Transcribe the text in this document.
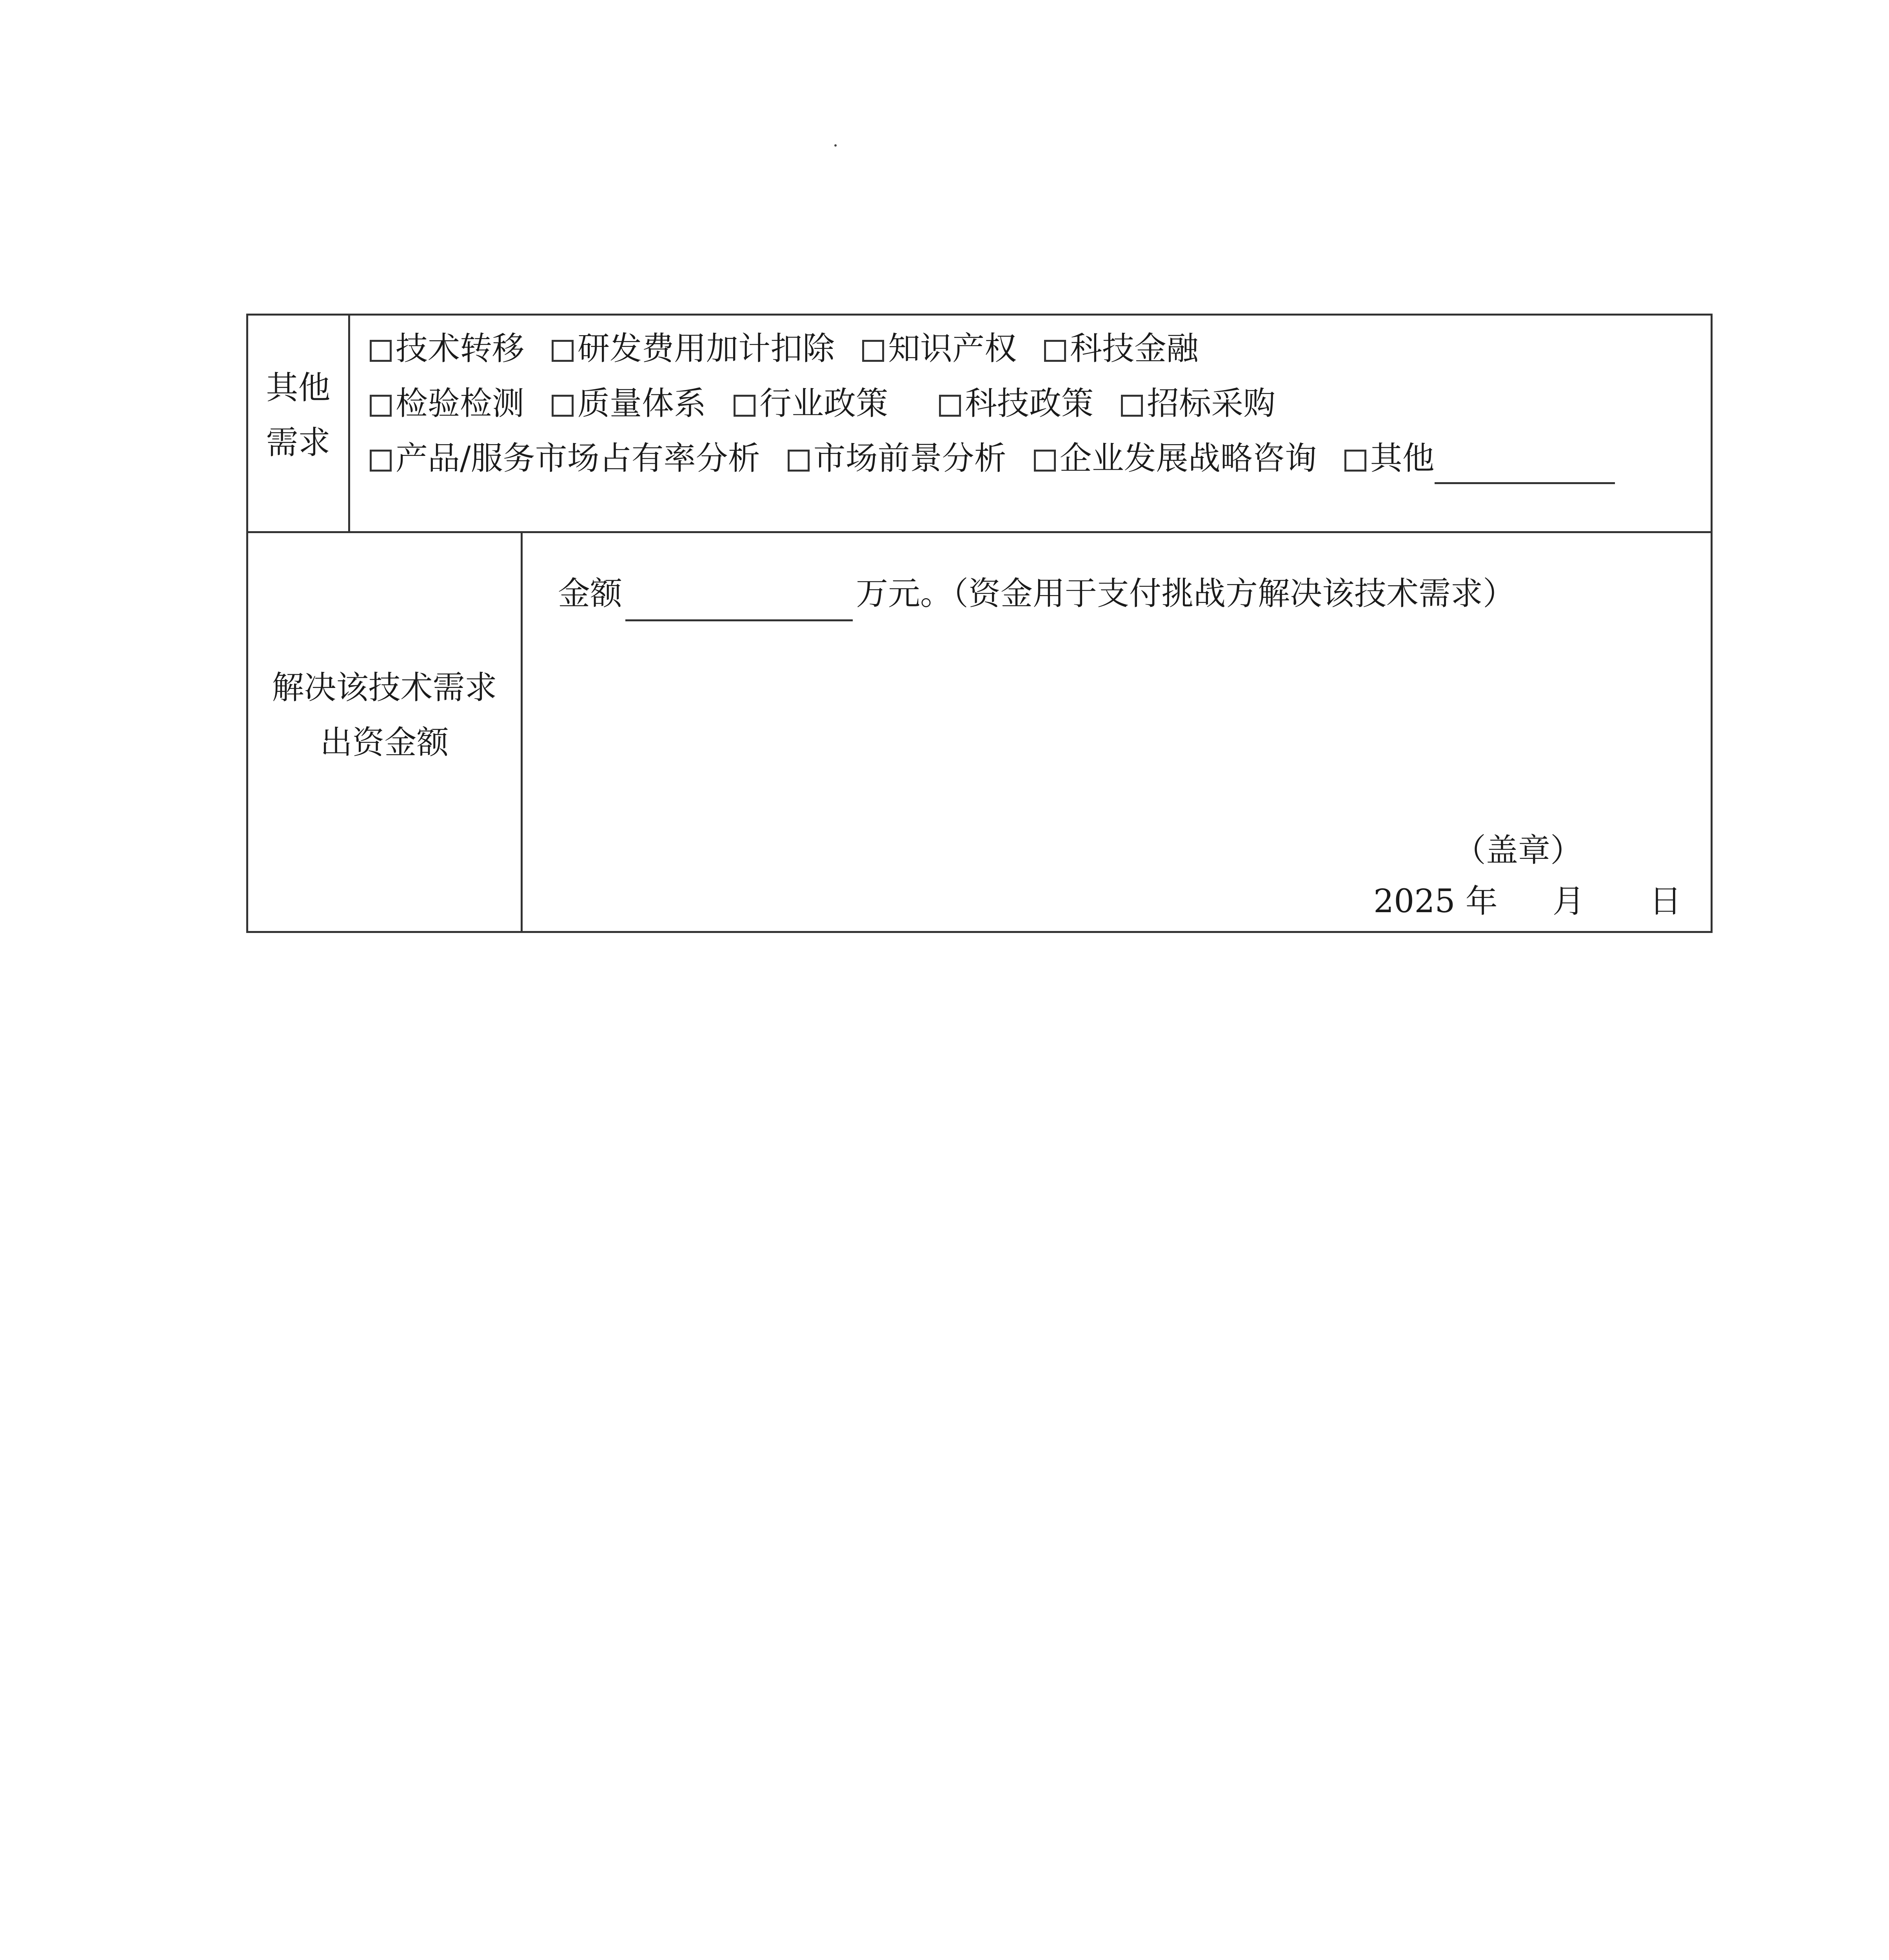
其他
需求
技术转移 研发费用加计扣除 知识产权 科技金融
检验检测 质量体系 行业政策 科技政策 招标采购
产品/服务市场占有率分析 市场前景分析 企业发展战略咨询 其他
解决该技术需求
出资金额
金额	万元。（资金用于支付挑战方解决该技术需求）
（盖章）
2025 年 月 日
